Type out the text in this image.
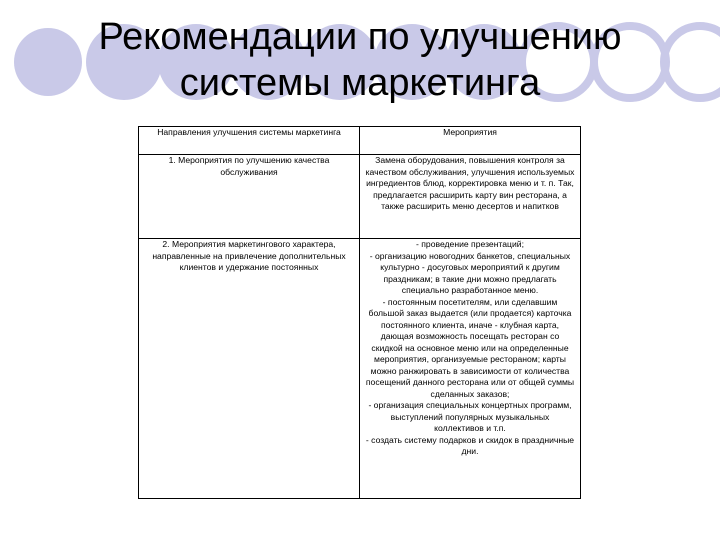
Рекомендации по улучшению
системы маркетинга
Направления улучшения системы маркетинга	Мероприятия
1. Мероприятия по улучшению качества обслуживания	Замена оборудования, повышения контроля за качеством обслуживания, улучшения используемых ингредиентов блюд, корректировка меню и т. п. Так, предлагается расширить карту вин ресторана, а также расширить меню десертов и напитков

2. Мероприятия маркетингового характера, направленные на привлечение дополнительных клиентов и удержание постоянных	- проведение презентаций;

- организацию новогодних банкетов, специальных культурно - досуговых мероприятий к другим праздникам; в такие дни можно предлагать специально разработанное меню.

- постоянным посетителям, или сделавшим большой заказ выдается (или продается) карточка постоянного клиента, иначе - клубная карта, дающая возможность посещать ресторан со скидкой на основное меню или на определенные мероприятия, организуемые рестораном; карты можно ранжировать в зависимости от количества посещений данного ресторана или от общей суммы сделанных заказов;

- организация специальных концертных программ, выступлений популярных музыкальных коллективов и т.п.

- создать систему подарков и скидок в праздничные дни.
